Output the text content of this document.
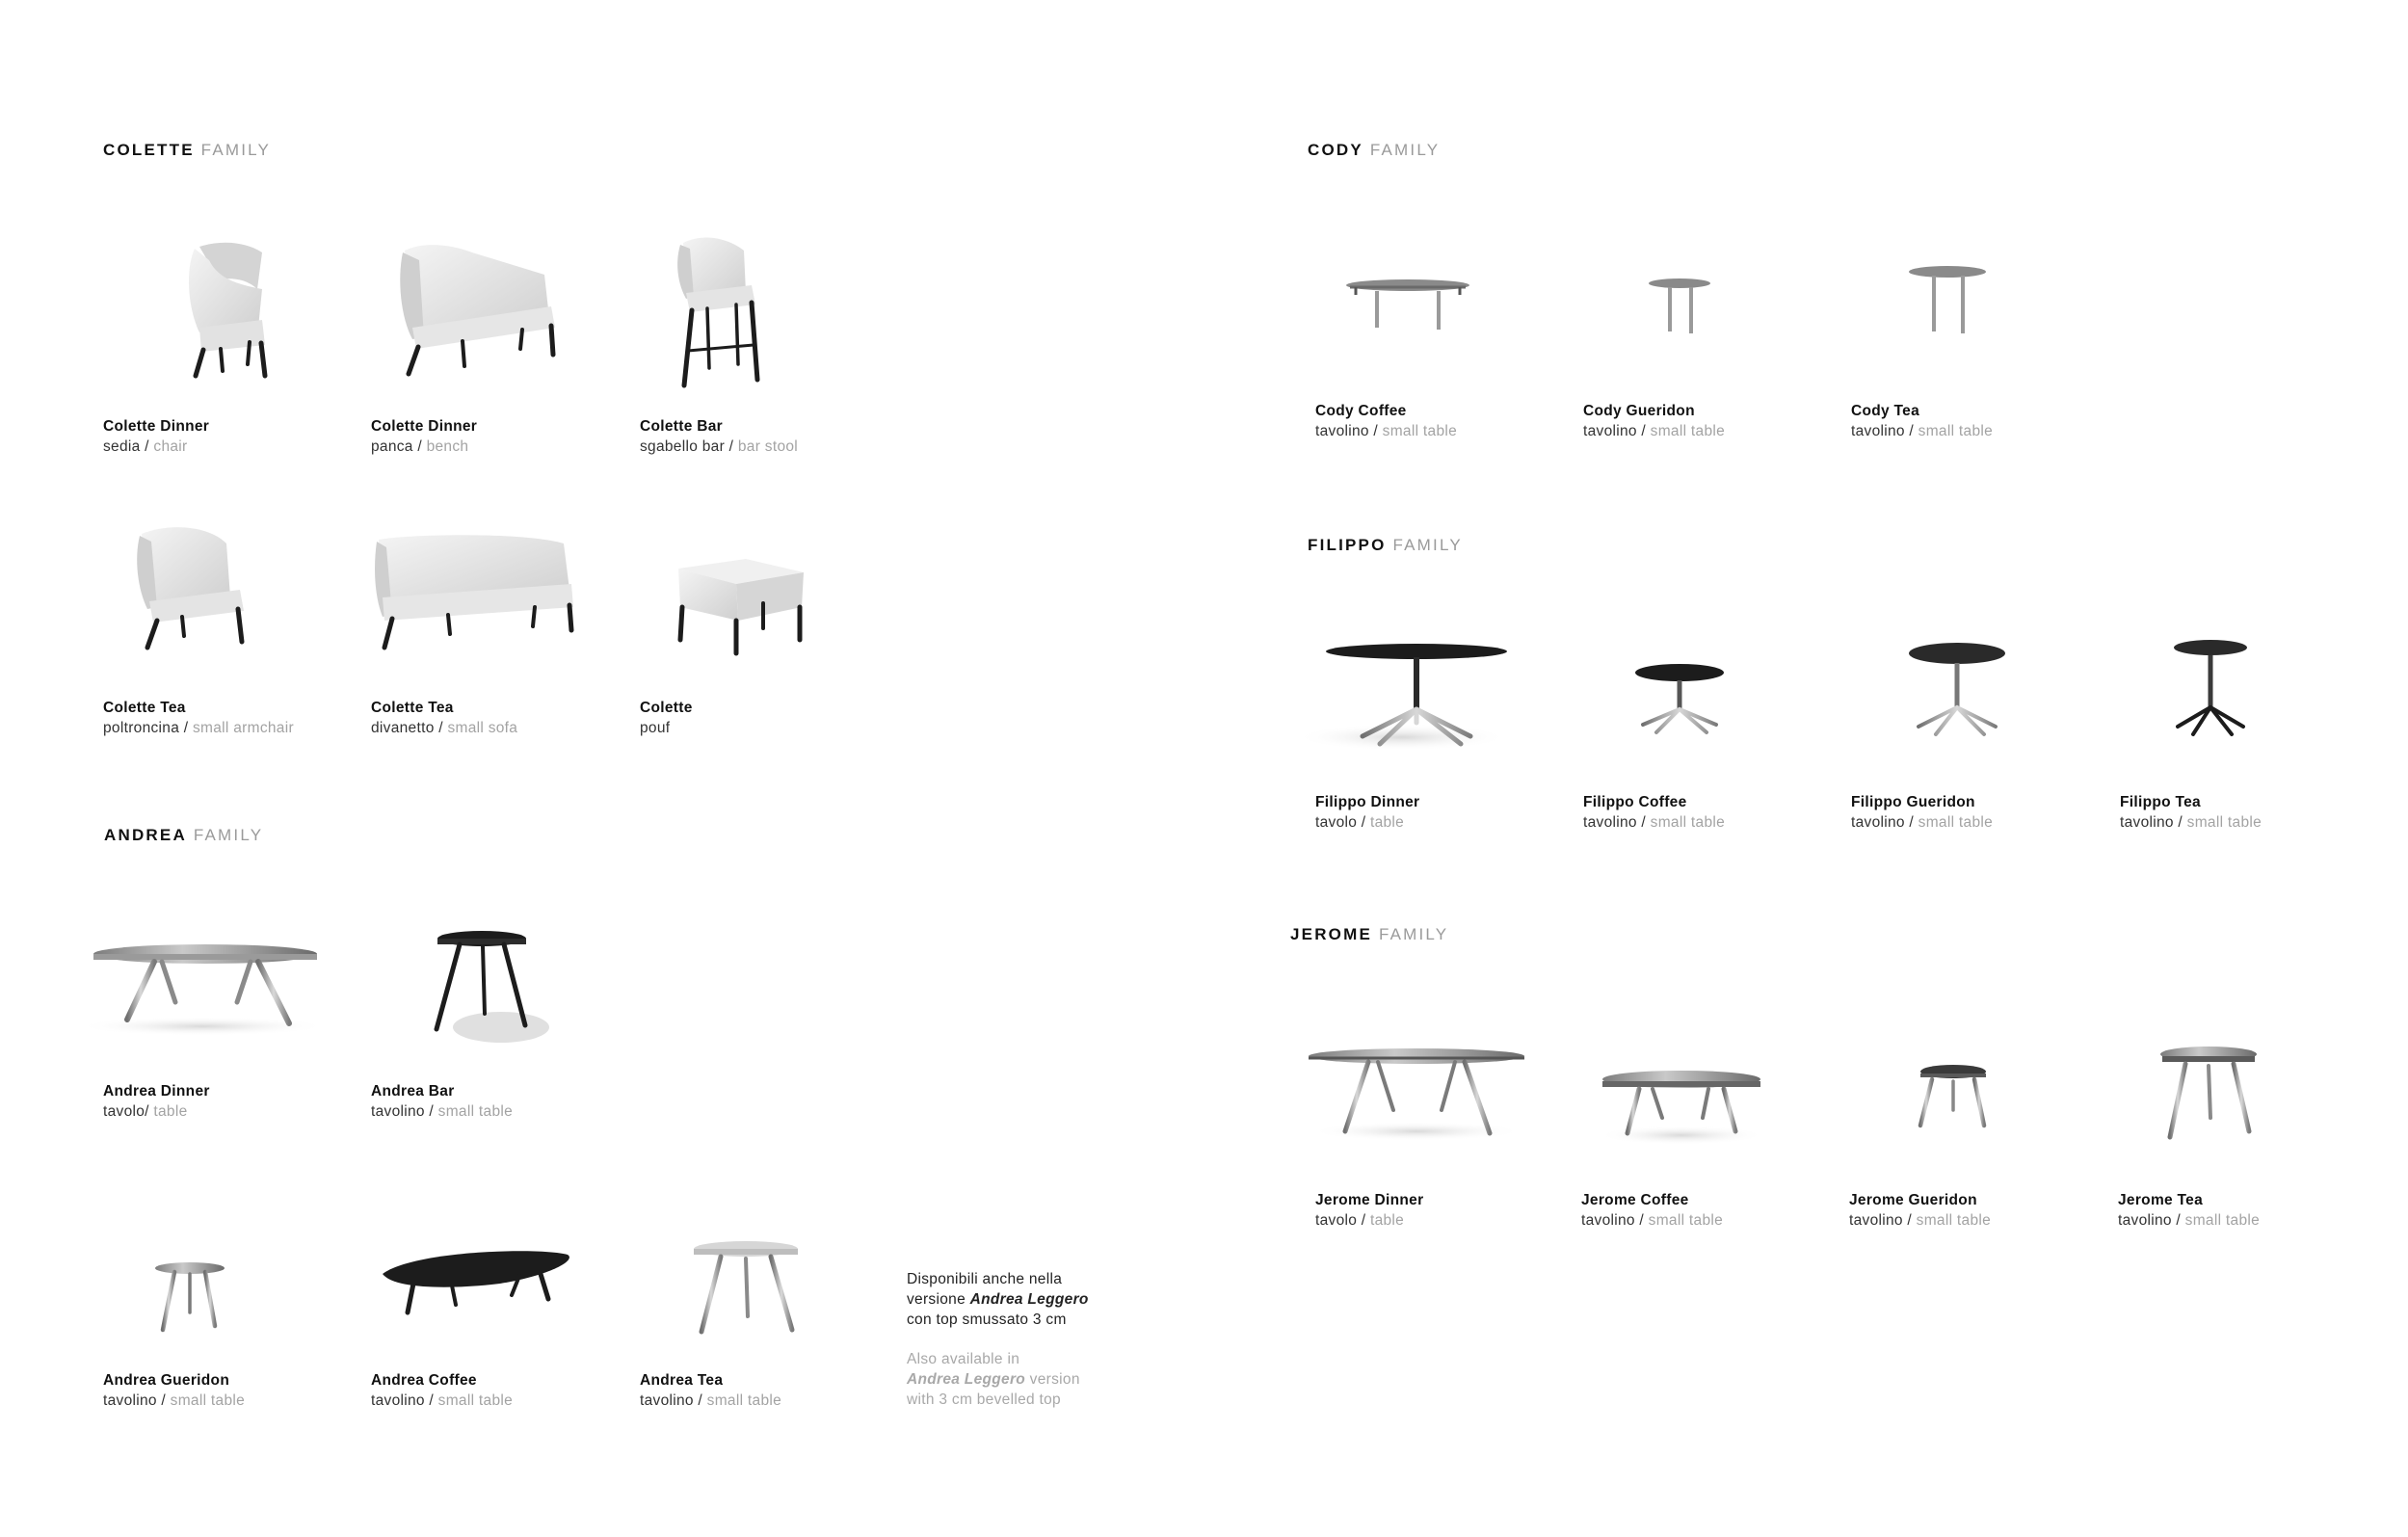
COLETTE FAMILY
ANDREA FAMILY
CODY FAMILY
FILIPPO FAMILY
JEROME FAMILY
Colette Dinner
sedia / chair
Colette Dinner
panca / bench
Colette Bar
sgabello bar / bar stool
Colette Tea
poltroncina / small armchair
Colette Tea
divanetto / small sofa
Colette
pouf
Andrea Dinner
tavolo/ table
Andrea Bar
tavolino / small table
Andrea Gueridon
tavolino / small table
Andrea Coffee
tavolino / small table
Andrea Tea
tavolino / small table
Disponibili anche nella
versione Andrea Leggero
con top smussato 3 cm
Also available in
Andrea Leggero version
with 3 cm bevelled top
Cody Coffee
tavolino / small table
Cody Gueridon
tavolino / small table
Cody Tea
tavolino / small table
Filippo Dinner
tavolo / table
Filippo Coffee
tavolino / small table
Filippo Gueridon
tavolino / small table
Filippo Tea
tavolino / small table
Jerome Dinner
tavolo / table
Jerome Coffee
tavolino / small table
Jerome Gueridon
tavolino / small table
Jerome Tea
tavolino / small table
